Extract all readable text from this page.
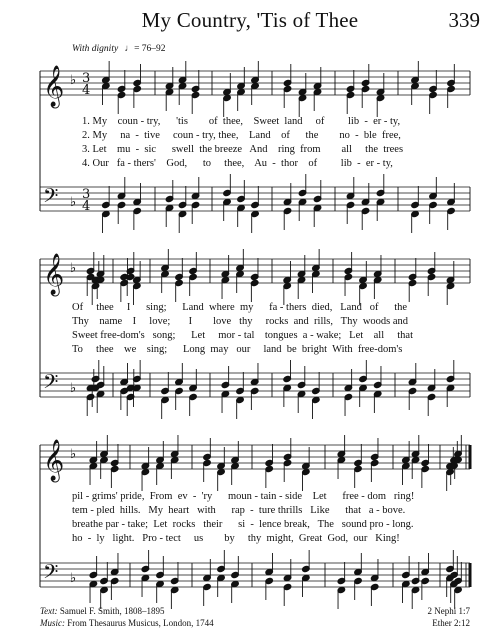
My Country, 'Tis of Thee	339
With dignity ♩= 76–92
𝄞
𝄢
♭
♭
3
4
3
4
𝄞
𝄢
♭
♭
𝄞
𝄢
♭
♭
1. My    coun - try,      'tis        of  thee,    Sweet  land     of         lib  -  er - ty,
2. My     na  -  tive     coun - try, thee,    Land    of      the        no  -  ble  free,
3. Let    mu  -  sic      swell  the breeze   And    ring  from        all     the  trees
4. Our   fa - thers'    God,      to     thee,    Au  -  thor    of         lib  -  er - ty,
Of     thee     I      sing;      Land  where  my      fa - thers  died,   Land   of      the
Thy    name    I     love;       I        love   thy     rocks  and  rills,   Thy  woods and
Sweet free-dom's   song;      Let     mor - tal    tongues  a - wake;   Let    all     that
To     thee    we    sing;      Long  may   our     land  be  bright  With  free-dom's
pil - grims' pride,  From  ev  -  'ry      moun - tain - side    Let      free - dom   ring!
tem - pled  hills.   My  heart   with      rap  -  ture thrills   Like      that   a - bove.
breathe par - take;  Let  rocks   their      si  -  lence break,   The   sound pro - long.
ho  -  ly   light.   Pro - tect     us        by     thy  might,  Great  God,  our   King!
Text: Samuel F. Smith, 1808–1895
Music: From Thesaurus Musicus, London, 1744
2 Nephi 1:7
Ether 2:12
